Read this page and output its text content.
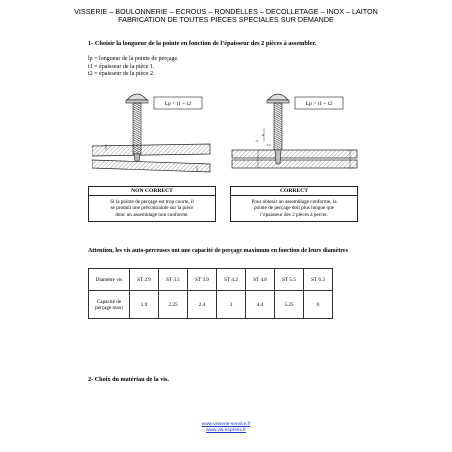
VISSERIE – BOULONNERIE – ECROUS – RONDELLES – DECOLLETAGE – INOX – LAITON
FABRICATION DE TOUTES PIECES SPECIALES SUR DEMANDE
1- Choisir la longueur de la pointe en fonction de l’épaisseur des 2 pièces à assembler.
lp = longueur de la pointe de perçage.
t1 = épaisseur de la pièce 1.
t2 = épaisseur de la pièce 2.
Lp < t1 + t2	Lp > t1 + t2
t1
t2
Lp
NON CORRECT
Si la pointe de perçage est trop courte, il
se produit une précontrainte sur la pièce
donc un assemblage non conforme.
CORRECT
Pour obtenir un assemblage conforme, la
pointe de perçage doit plus longue que
l’épaisseur des 2 pièces à percer.
Attention, les vis auto-perceuses ont une capacité de perçage maximum en fonction de leurs diamètres
Diamètre vis	ST 2.9	ST 3.5	ST 3.9	ST 4.2	ST 4.8	ST 5.5	ST 6.3

Capacité de
perçage maxi	1.9	2.25	2.4	3	4.4	5.25	6
2- Choix du matériau de la vis.
www.visserie-service.fr
www.vis-express.fr
